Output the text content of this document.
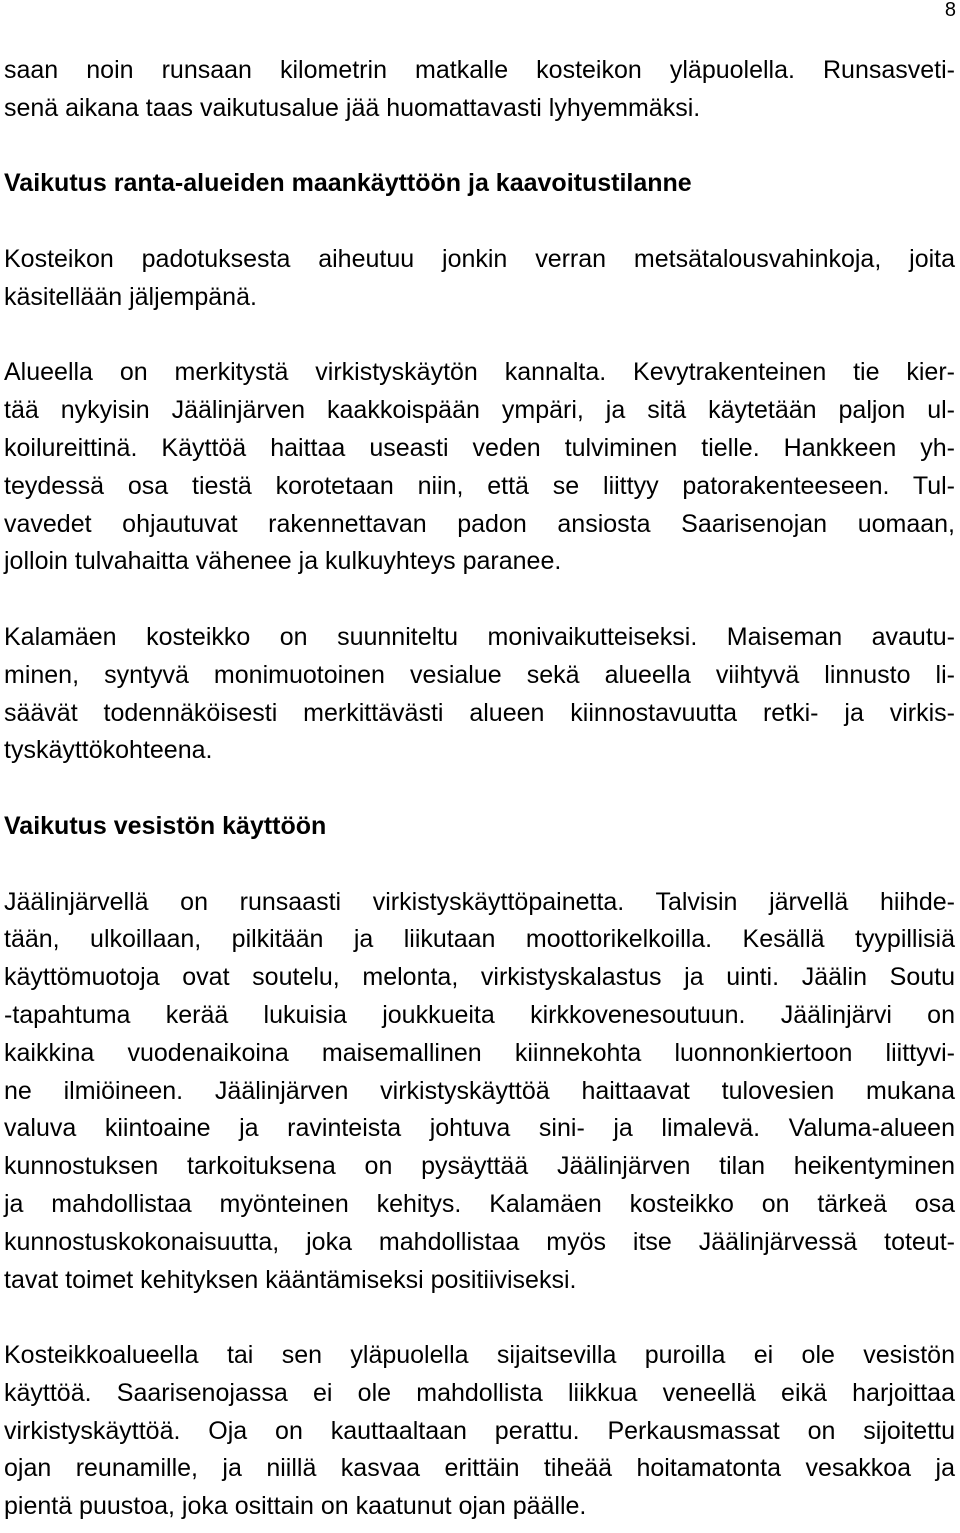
8
saan noin runsaan kilometrin matkalle kosteikon yläpuolella. Runsasveti-
senä aikana taas vaikutusalue jää huomattavasti lyhyemmäksi.
Vaikutus ranta-alueiden maankäyttöön ja kaavoitustilanne
Kosteikon padotuksesta aiheutuu jonkin verran metsätalousvahinkoja, joita
käsitellään jäljempänä.
Alueella on merkitystä virkistyskäytön kannalta. Kevytrakenteinen tie kier-
tää nykyisin Jäälinjärven kaakkoispään ympäri, ja sitä käytetään paljon ul-
koilureittinä. Käyttöä haittaa useasti veden tulviminen tielle. Hankkeen yh-
teydessä osa tiestä korotetaan niin, että se liittyy patorakenteeseen. Tul-
vavedet ohjautuvat rakennettavan padon ansiosta Saarisenojan uomaan,
jolloin tulvahaitta vähenee ja kulkuyhteys paranee.
Kalamäen kosteikko on suunniteltu monivaikutteiseksi. Maiseman avautu-
minen, syntyvä monimuotoinen vesialue sekä alueella viihtyvä linnusto li-
säävät todennäköisesti merkittävästi alueen kiinnostavuutta retki- ja virkis-
tyskäyttökohteena.
Vaikutus vesistön käyttöön
Jäälinjärvellä on runsaasti virkistyskäyttöpainetta. Talvisin järvellä hiihde-
tään, ulkoillaan, pilkitään ja liikutaan moottorikelkoilla. Kesällä tyypillisiä
käyttömuotoja ovat soutelu, melonta, virkistyskalastus ja uinti. Jäälin Soutu
-tapahtuma kerää lukuisia joukkueita kirkkovenesoutuun. Jäälinjärvi on
kaikkina vuodenaikoina maisemallinen kiinnekohta luonnonkiertoon liittyvi-
ne ilmiöineen. Jäälinjärven virkistyskäyttöä haittaavat tulovesien mukana
valuva kiintoaine ja ravinteista johtuva sini- ja limalevä. Valuma-alueen
kunnostuksen tarkoituksena on pysäyttää Jäälinjärven tilan heikentyminen
ja mahdollistaa myönteinen kehitys. Kalamäen kosteikko on tärkeä osa
kunnostuskokonaisuutta, joka mahdollistaa myös itse Jäälinjärvessä toteut-
tavat toimet kehityksen kääntämiseksi positiiviseksi.
Kosteikkoalueella tai sen yläpuolella sijaitsevilla puroilla ei ole vesistön
käyttöä. Saarisenojassa ei ole mahdollista liikkua veneellä eikä harjoittaa
virkistyskäyttöä. Oja on kauttaaltaan perattu. Perkausmassat on sijoitettu
ojan reunamille, ja niillä kasvaa erittäin tiheää hoitamatonta vesakkoa ja
pientä puustoa, joka osittain on kaatunut ojan päälle.
